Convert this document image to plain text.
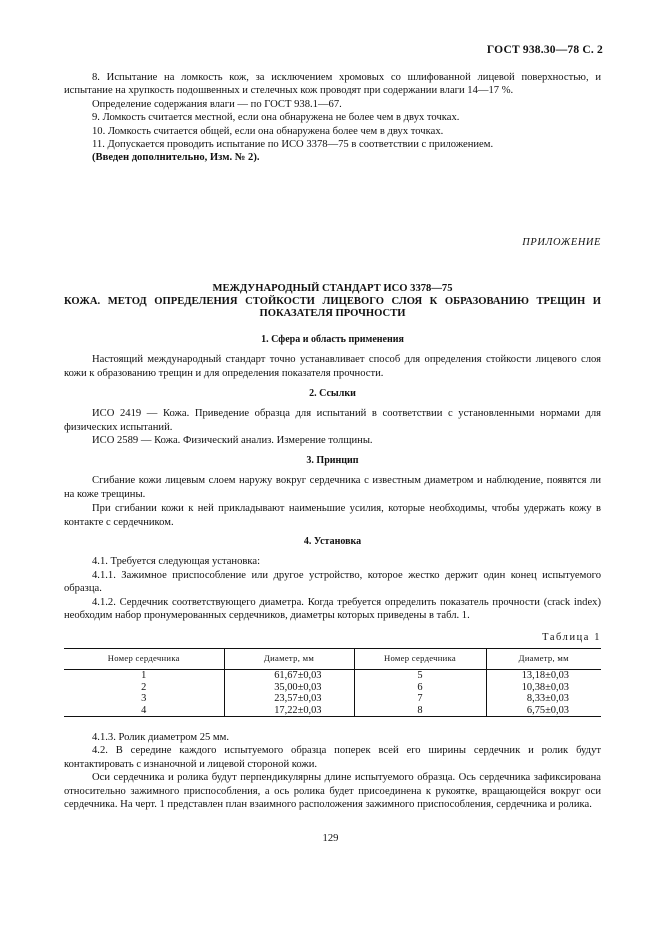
ГОСТ 938.30—78 С. 2

8. Испытание на ломкость кож, за исключением хромовых со шлифованной лицевой поверхностью, и испытание на хрупкость подошвенных и стелечных кож проводят при содержании влаги 14—17 %.

Определение содержания влаги — по ГОСТ 938.1—67.

9. Ломкость считается местной, если она обнаружена не более чем в двух точках.

10. Ломкость считается общей, если она обнаружена более чем в двух точках.

11. Допускается проводить испытание по ИСО 3378—75 в соответствии с приложением.

(Введен дополнительно, Изм. № 2).

ПРИЛОЖЕНИЕ
МЕЖДУНАРОДНЫЙ СТАНДАРТ ИСО 3378—75
КОЖА. МЕТОД ОПРЕДЕЛЕНИЯ СТОЙКОСТИ ЛИЦЕВОГО СЛОЯ К ОБРАЗОВАНИЮ ТРЕЩИН И ПОКАЗАТЕЛЯ ПРОЧНОСТИ
1. Сфера и область применения

Настоящий международный стандарт точно устанавливает способ для определения стойкости лицевого слоя кожи к образованию трещин и для определения показателя прочности.

2. Ссылки

ИСО 2419 — Кожа. Приведение образца для испытаний в соответствии с установленными нормами для физических испытаний.

ИСО 2589 — Кожа. Физический анализ. Измерение толщины.

3. Принцип

Сгибание кожи лицевым слоем наружу вокруг сердечника с известным диаметром и наблюдение, появятся ли на коже трещины.

При сгибании кожи к ней прикладывают наименьшие усилия, которые необходимы, чтобы удержать кожу в контакте с сердечником.

4. Установка

4.1. Требуется следующая установка:

4.1.1. Зажимное приспособление или другое устройство, которое жестко держит один конец испытуемого образца.

4.1.2. Сердечник соответствующего диаметра. Когда требуется определить показатель прочности (crack index) необходим набор пронумерованных сердечников, диаметры которых приведены в табл. 1.

Таблица 1
Номер сердечника	Диаметр, мм	Номер сердечника	Диаметр, мм
1	61,67±0,03	5	13,18±0,03
2	35,00±0,03	6	10,38±0,03
3	23,57±0,03	7	8,33±0,03
4	17,22±0,03	8	6,75±0,03

4.1.3. Ролик диаметром 25 мм.

4.2. В середине каждого испытуемого образца поперек всей его ширины сердечник и ролик будут контактировать с изнаночной и лицевой стороной кожи.

Оси сердечника и ролика будут перпендикулярны длине испытуемого образца. Ось сердечника зафиксирована относительно зажимного приспособления, а ось ролика будет присоединена к рукоятке, вращающейся вокруг оси сердечника. На черт. 1 представлен план взаимного расположения зажимного приспособления, сердечника и ролика.

129
